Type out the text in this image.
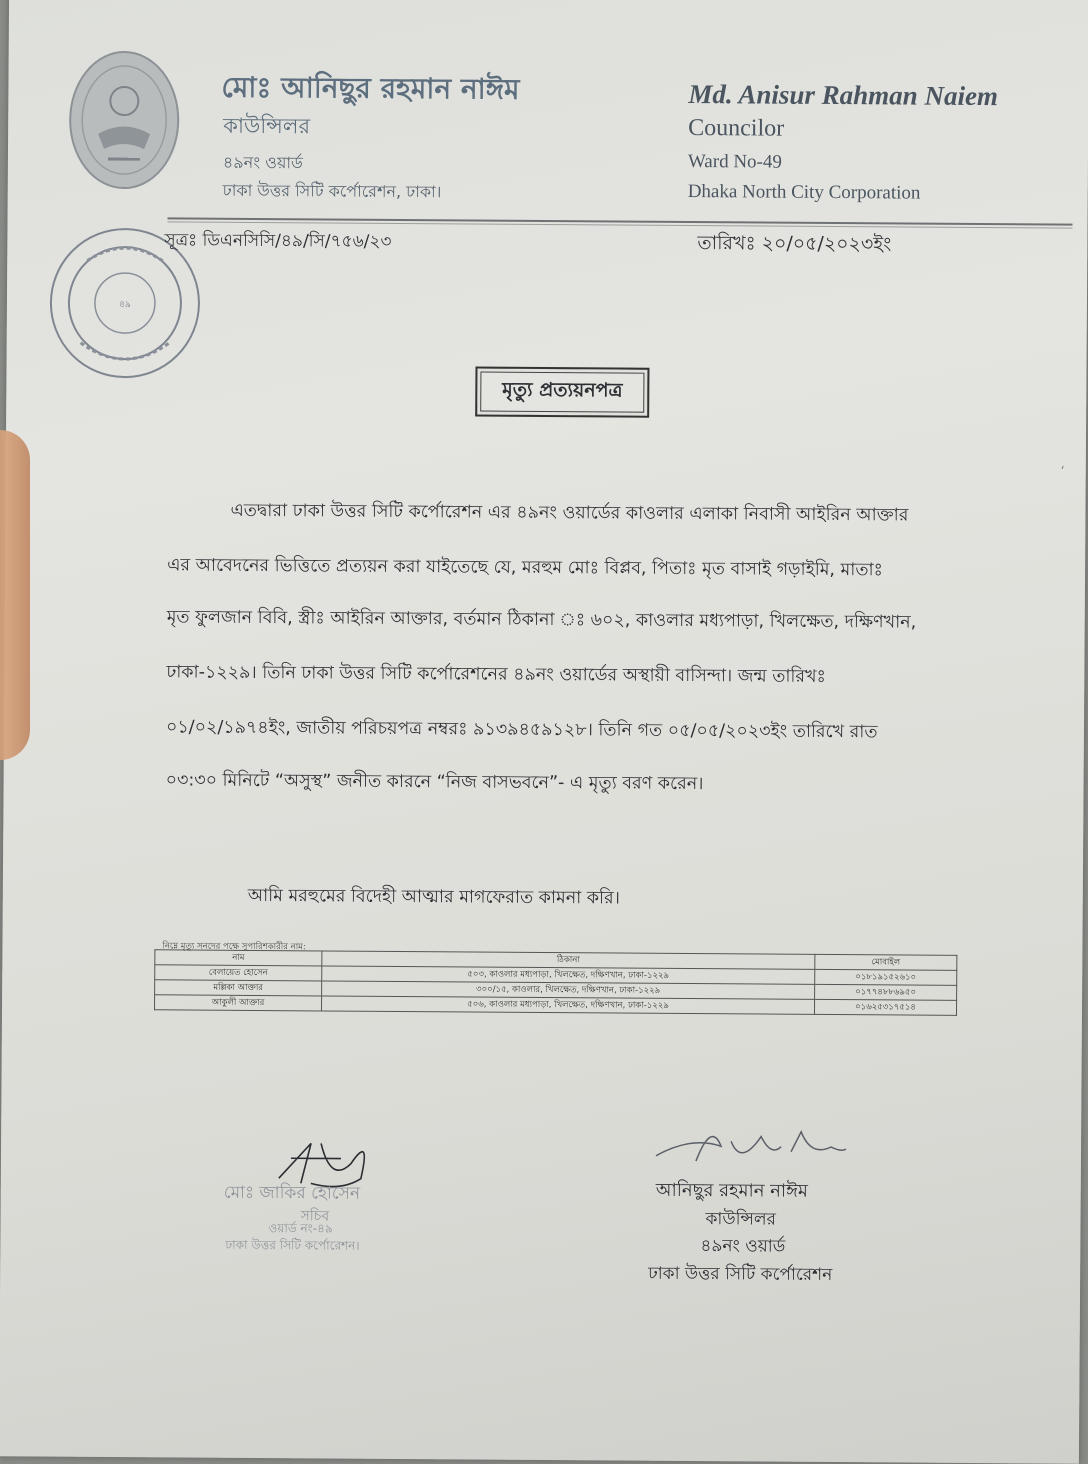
মোঃ আনিছুর রহমান নাঈম
কাউন্সিলর
৪৯নং ওয়ার্ড
ঢাকা উত্তর সিটি কর্পোরেশন, ঢাকা।
Md. Anisur Rahman Naiem
Councilor
Ward No-49
Dhaka North City Corporation
৪৯
সূত্রঃ ডিএনসিসি/৪৯/সি/৭৫৬/২৩	তারিখঃ ২০/০৫/২০২৩ইং
মৃত্যু প্রত্যয়নপত্র
এতদ্বারা ঢাকা উত্তর সিটি কর্পোরেশন এর ৪৯নং ওয়ার্ডের কাওলার এলাকা নিবাসী আইরিন আক্তার
এর আবেদনের ভিত্তিতে প্রত্যয়ন করা যাইতেছে যে, মরহুম মোঃ বিপ্লব, পিতাঃ মৃত বাসাই গড়াইমি, মাতাঃ
মৃত ফুলজান বিবি, স্ত্রীঃ আইরিন আক্তার, বর্তমান ঠিকানা ঃ ৬০২, কাওলার মধ্যপাড়া, খিলক্ষেত, দক্ষিণখান,
ঢাকা-১২২৯। তিনি ঢাকা উত্তর সিটি কর্পোরেশনের ৪৯নং ওয়ার্ডের অস্থায়ী বাসিন্দা। জন্ম তারিখঃ
০১/০২/১৯৭৪ইং, জাতীয় পরিচয়পত্র নম্বরঃ ৯১৩৯৪৫৯১২৮। তিনি গত ০৫/০৫/২০২৩ইং তারিখে রাত
০৩:৩০ মিনিটে “অসুস্থ” জনীত কারনে “নিজ বাসভবনে”- এ মৃত্যু বরণ করেন।
আমি মরহুমের বিদেহী আত্মার মাগফেরাত কামনা করি।
নিম্নে মৃত্যু সনদের পক্ষে সুপারিশকারীর নাম:
নাম	ঠিকানা	মোবাইল
বেলায়েত হোসেন	৫০৩, কাওলার মধ্যপাড়া, খিলক্ষেত, দক্ষিণখান, ঢাকা-১২২৯	০১৮১৯১৫২৬১০
মল্লিকা আক্তার	৩০০/১৫, কাওলার, খিলক্ষেত, দক্ষিণখান, ঢাকা-১২২৯	০১৭৭৪৮৮৬৯৫০
আকুলী আক্তার	৫০৬, কাওলার মধ্যপাড়া, খিলক্ষেত, দক্ষিণখান, ঢাকা-১২২৯	০১৬২৫৩১৭৫১৪
মোঃ জাকির হোসেন
সচিব
ওয়ার্ড নং-৪৯
ঢাকা উত্তর সিটি কর্পোরেশন।
আনিছুর রহমান নাঈম
কাউন্সিলর
৪৯নং ওয়ার্ড
ঢাকা উত্তর সিটি কর্পোরেশন
‘
